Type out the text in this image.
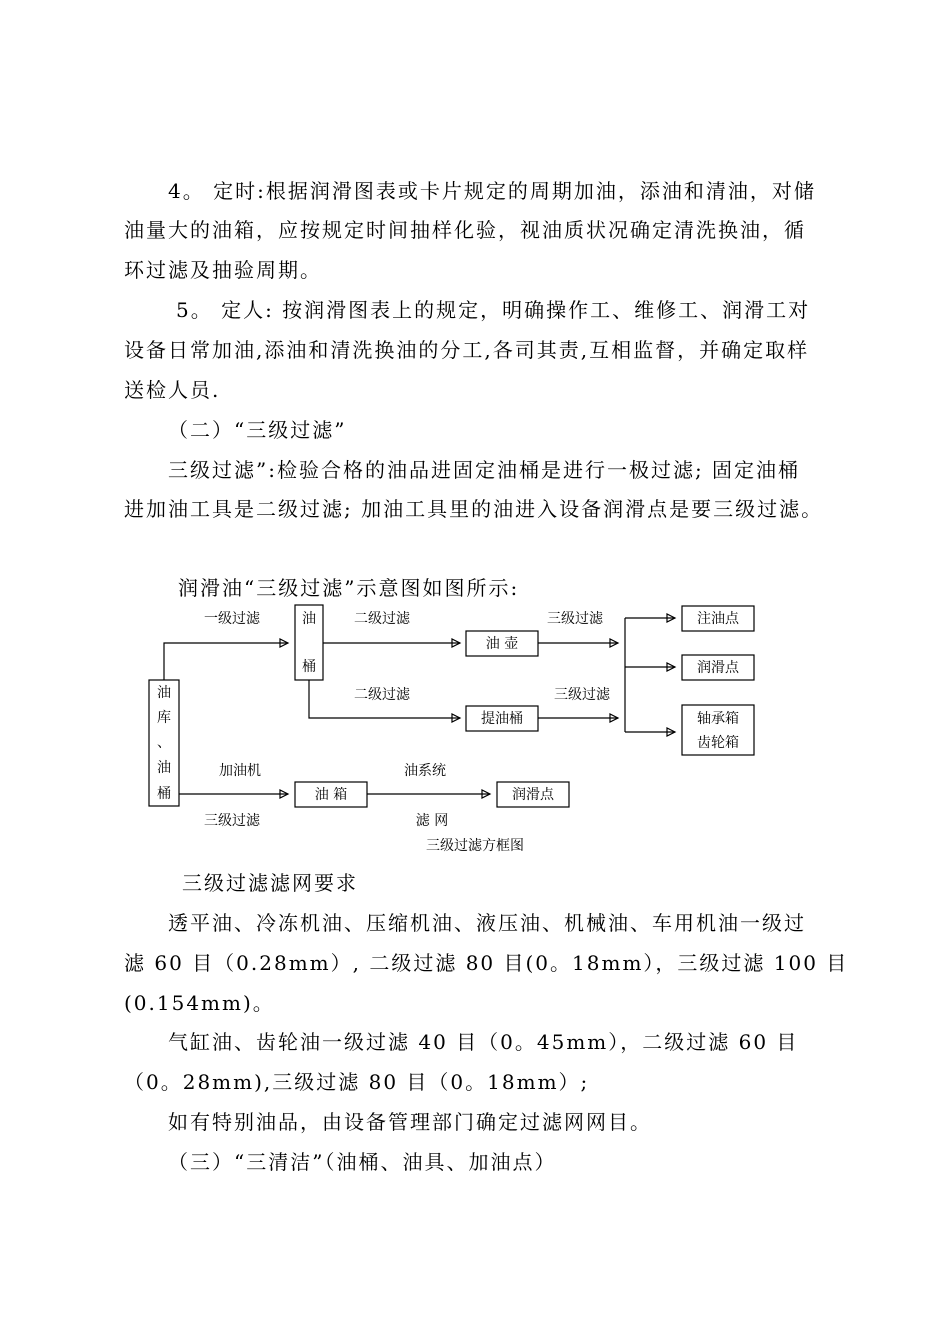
4。 定时:根据润滑图表或卡片规定的周期加油，添油和清油，对储
油量大的油箱，应按规定时间抽样化验，视油质状况确定清洗换油，循
环过滤及抽验周期。
5。 定人: 按润滑图表上的规定，明确操作工、维修工、润滑工对
设备日常加油,添油和清洗换油的分工,各司其责,互相监督，并确定取样
送检人员.
（二）“三级过滤”
三级过滤”:检验合格的油品进固定油桶是进行一极过滤; 固定油桶
进加油工具是二级过滤; 加油工具里的油进入设备润滑点是要三级过滤。
润滑油“三级过滤”示意图如图所示:
油
库
、
油
桶
油
桶
油 壶
提油桶
油 箱
注油点
润滑点
轴承箱
齿轮箱
润滑点
一级过滤	二级过滤
二级过滤
三级过滤
三级过滤
加油机
三级过滤
油系统
滤 网
三级过滤方框图
三级过滤滤网要求
透平油、冷冻机油、压缩机油、液压油、机械油、车用机油一级过
滤 60 目（0.28mm）, 二级过滤 80 目(0。18mm），三级过滤 100 目
(0.154mm)。
气缸油、齿轮油一级过滤 40 目（0。45mm），二级过滤 60 目
（0。28mm),三级过滤 80 目（0。18mm）;
如有特别油品，由设备管理部门确定过滤网网目。
（三）“三清洁”（油桶、油具、加油点）
